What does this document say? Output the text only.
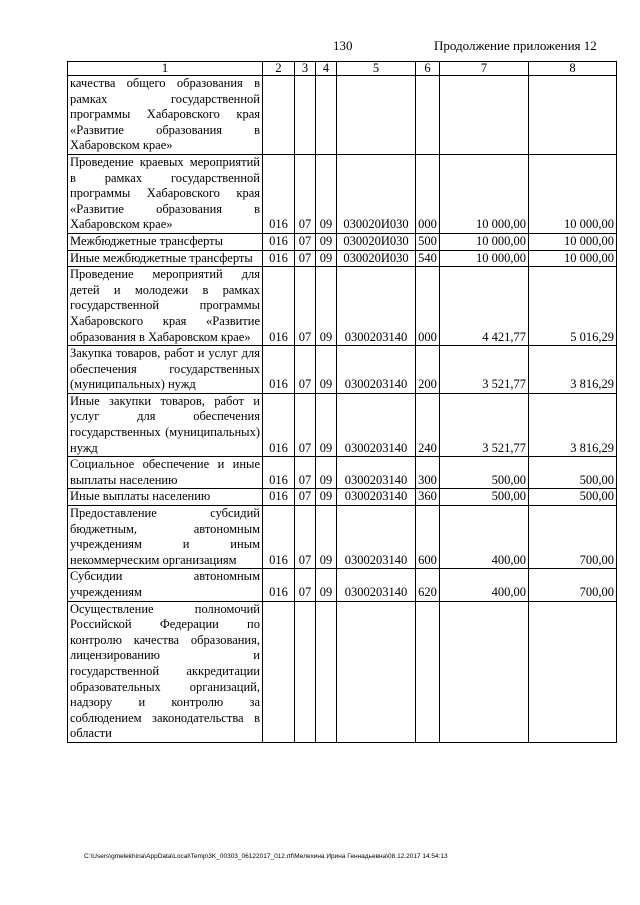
130	Продолжение приложения 12
1	2	3	4	5	6	7	8
качества общего образования в рамках государственной программы Хабаровского края «Развитие образования в Хабаровском крае»							
Проведение краевых мероприятий в рамках государственной программы Хабаровского края «Развитие образования в Хабаровском крае»	016	07	09	030020И030	000	10 000,00	10 000,00
Межбюджетные трансферты	016	07	09	030020И030	500	10 000,00	10 000,00
Иные межбюджетные трансферты	016	07	09	030020И030	540	10 000,00	10 000,00
Проведение мероприятий для детей и молодежи в рамках государственной программы Хабаровского края «Развитие образования в Хабаровском крае»	016	07	09	0300203140	000	4 421,77	5 016,29
Закупка товаров, работ и услуг для обеспечения государственных (муниципальных) нужд	016	07	09	0300203140	200	3 521,77	3 816,29
Иные закупки товаров, работ и услуг для обеспечения государственных (муниципальных) нужд	016	07	09	0300203140	240	3 521,77	3 816,29
Социальное обеспечение и иные выплаты населению	016	07	09	0300203140	300	500,00	500,00
Иные выплаты населению	016	07	09	0300203140	360	500,00	500,00
Предоставление субсидий бюджетным, автономным учреждениям и иным некоммерческим организациям	016	07	09	0300203140	600	400,00	700,00
Субсидии автономным учреждениям	016	07	09	0300203140	620	400,00	700,00
Осуществление полномочий Российской Федерации по контролю качества образования, лицензированию и государственной аккредитации образовательных организаций, надзору и контролю за соблюдением законодательства в области							
C:\Users\gmelekhina\AppData\Local\Temp\3K_00303_06122017_012.rtf\Мелехина Ирина Геннадьевна\08.12.2017 14:54:13
